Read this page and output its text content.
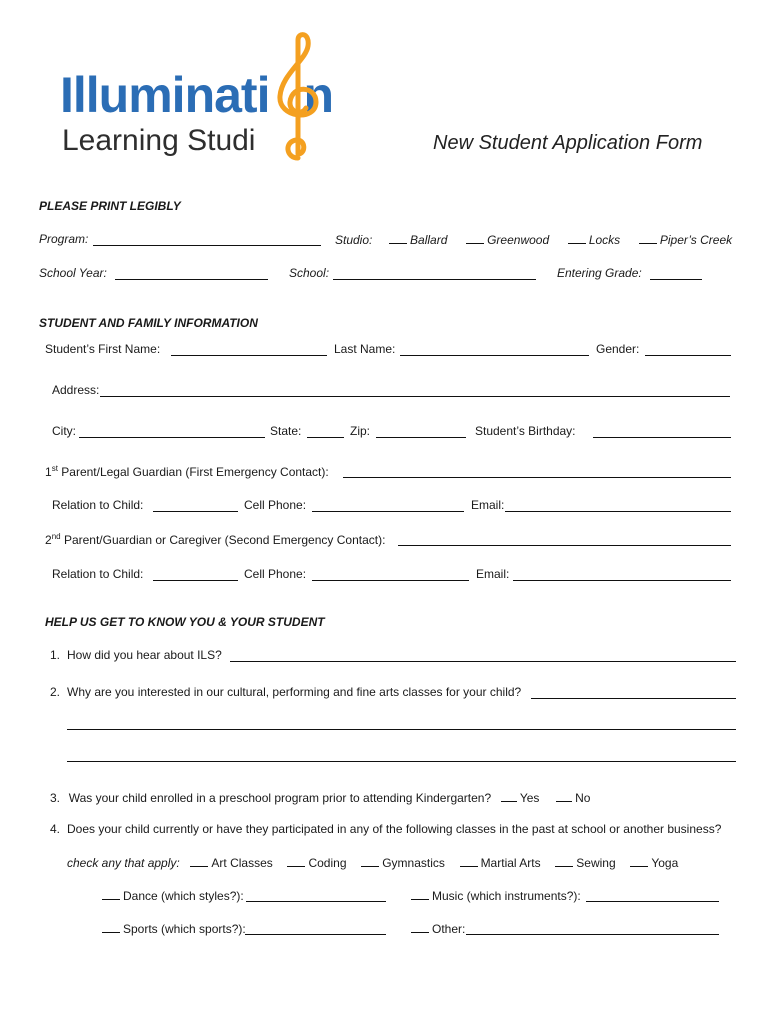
Illuminati n
Learning Studi	New Student Application Form
PLEASE PRINT LEGIBLY
Program:	Studio:	Ballard	Greenwood	Locks	Piper’s Creek
School Year:	School:	Entering Grade:
STUDENT AND FAMILY INFORMATION
Student’s First Name:	Last Name:	Gender:
Address:
City:	State:	Zip:	Student’s Birthday:
1st Parent/Legal Guardian (First Emergency Contact):
Relation to Child:	Cell Phone:	Email:
2nd Parent/Guardian or Caregiver (Second Emergency Contact):
Relation to Child:	Cell Phone:	Email:
HELP US GET TO KNOW YOU & YOUR STUDENT
1. How did you hear about ILS?
2. Why are you interested in our cultural, performing and fine arts classes for your child?
3. Was your child enrolled in a preschool program prior to attending Kindergarten? Yes	No
4. Does your child currently or have they participated in any of the following classes in the past at school or another business?
check any that apply:	Art Classes	Coding	Gymnastics	Martial Arts	Sewing	Yoga
Dance (which styles?):	Music (which instruments?):
Sports (which sports?):	Other:
